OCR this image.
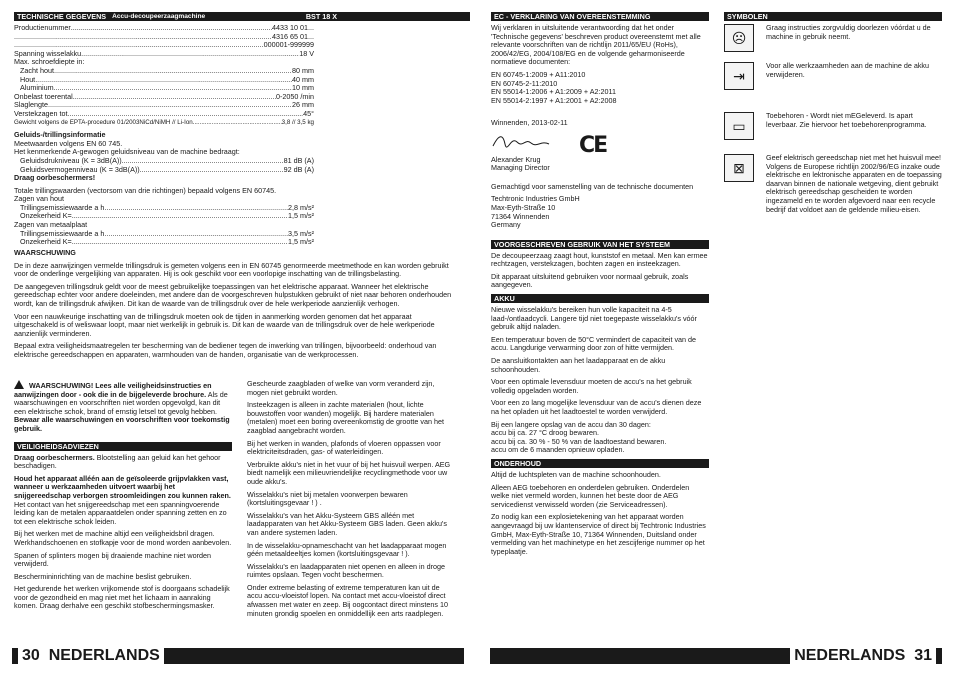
TECHNISCHE GEGEVENS Accu-decoupeerzaagmachine	BST 18 X
Productienummer .....	4433 10 01...
.....
4316 65 01...
.....
...000001-999999
Spanning wisselakku .....	18 V
Max. schroefdiepte in:
Zacht hout .....	80 mm
Hout .....	40 mm
Aluminium .....	10 mm
Onbelast toerental .....	0-2050 /min
Slaglengte .....	26 mm
Verstekzagen tot .....	45°
Gewicht volgens de EPTA-procedure 01/2003NiCd/NiMH // Li-Ion .....	3,8 // 3,5 kg
Geluids-/trillingsinformatie
Meetwaarden volgens EN 60 745.
Het kenmerkende A-gewogen geluidsniveau van de machine bedraagt:
Geluidsdrukniveau (K = 3dB(A)) .....	81 dB (A)
Geluidsvermogenniveau (K = 3dB(A)) .....	92 dB (A)
Draag oorbeschermers!
Totale trillingswaarden (vectorsom van drie richtingen) bepaald volgens EN 60745.
Zagen van hout
Trillingsemissiewaarde a h .....	2,8 m/s²
Onzekerheid K= .....	1,5 m/s²
Zagen van metaalplaat
Trillingsemissiewaarde a h .....	3,5 m/s²
Onzekerheid K= .....	1,5 m/s²
WAARSCHUWING

De in deze aanwijzingen vermelde trillingsdruk is gemeten volgens een in EN 60745 genormeerde meetmethode en kan worden gebruikt voor de onderlinge vergelijking van apparaten. Hij is ook geschikt voor een voorlopige inschatting van de trillingsbelasting.

De aangegeven trillingsdruk geldt voor de meest gebruikelijke toepassingen van het elektrische apparaat. Wanneer het elektrische gereedschap echter voor andere doeleinden, met andere dan de voorgeschreven hulpstukken gebruikt of niet naar behoren onderhouden wordt, kan de trillingsdruk afwijken. Dit kan de waarde van de trillingsdruk over de hele werkperiode aanzienlijk verhogen.

Voor een nauwkeurige inschatting van de trillingsdruk moeten ook de tijden in aanmerking worden genomen dat het apparaat uitgeschakeld is of weliswaar loopt, maar niet werkelijk in gebruik is. Dit kan de waarde van de trillingsdruk over de hele werkperiode aanzienlijk verminderen.

Bepaal extra veiligheidsmaatregelen ter bescherming van de bediener tegen de inwerking van trillingen, bijvoorbeeld: onderhoud van elektrische gereedschappen en apparaten, warmhouden van de handen, organisatie van de werkprocessen.

WAARSCHUWING! Lees alle veiligheidsinstructies en aanwijzingen door - ook die in de bijgeleverde brochure. Als de waarschuwingen en voorschriften niet worden opgevolgd, kan dit een elektrische schok, brand of ernstig letsel tot gevolg hebben.
Bewaar alle waarschuwingen en voorschriften voor toekomstig gebruik.

VEILIGHEIDSADVIEZEN

Draag oorbeschermers. Blootstelling aan geluid kan het gehoor beschadigen.

Houd het apparaat alléén aan de geïsoleerde grijpvlakken vast, wanneer u werkzaamheden uitvoert waarbij het snijgereedschap verborgen stroomleidingen zou kunnen raken. Het contact van het snijgereedschap met een spanningvoerende leiding kan de metalen apparaatdelen onder spanning zetten en zo tot een elektrische schok leiden.

Bij het werken met de machine altijd een veiligheidsbril dragen. Werkhandschoenen en stofkapje voor de mond worden aanbevolen.

Spanen of splinters mogen bij draaiende machine niet worden verwijderd.

Beschermininrichting van de machine beslist gebruiken.

Het gedurende het werken vrijkomende stof is doorgaans schadelijk
voor de gezondheid en mag niet met het lichaam in aanraking komen. Draag derhalve een geschikt stofbeschermingsmasker.

Gescheurde zaagbladen of welke van vorm veranderd zijn, mogen niet gebruikt worden.

Insteekzagen is alleen in zachte materialen (hout, lichte bouwstoffen voor wanden) mogelijk. Bij hardere materialen (metalen) moet een boring overeenkomstig de grootte van het zaagblad aangebracht worden.

Bij het werken in wanden, plafonds of vloeren oppassen voor elektriciteitsdraden, gas- of waterleidingen.

Verbruikte akku's niet in het vuur of bij het huisvuil werpen. AEG biedt namelijk een milieuvriendelijke recyclingmethode voor uw oude akku's.

Wisselakku's niet bij metalen voorwerpen bewaren (kortsluitingsgevaar ! ) .

Wisselakku's van het Akku-Systeem GBS alléén met laadapparaten van het Akku-Systeem GBS laden. Geen akku's van andere systemen laden.

In de wisselakku-opnameschacht van het laadapparaat mogen géén metaaldeeltjes komen (kortsluitingsgevaar ! ).

Wisselakku's en laadapparaten niet openen en alleen in droge ruimtes opslaan. Tegen vocht beschermen.

Onder extreme belasting of extreme temperaturen kan uit de accu accu-vloeistof lopen. Na contact met accu-vloeistof direct afwassen met water en zeep. Bij oogcontact direct minstens 10 minuten grondig spoelen en onmiddellijk een arts raadplegen.

30 NEDERLANDS
EC - VERKLARING VAN OVEREENSTEMMING

Wij verklaren in uitsluitende verantwoording dat het onder 'Technische gegevens' beschreven product overeenstemt met alle relevante voorschriften van de richtlijn 2011/65/EU (RoHs), 2006/42/EG, 2004/108/EG en de volgende geharmoniseerde normatieve documenten:

EN 60745-1:2009 + A11:2010
EN 60745-2-11:2010
EN 55014-1:2006 + A1:2009 + A2:2011
EN 55014-2:1997 + A1:2001 + A2:2008
Winnenden, 2013-02-11
Alexander Krug
Managing Director
CE

Gemachtigd voor samenstelling van de technische documenten

Techtronic Industries GmbH
Max-Eyth-Straße 10
71364 Winnenden
Germany
VOORGESCHREVEN GEBRUIK VAN HET SYSTEEM

De decoupeerzaag zaagt hout, kunststof en metaal. Men kan ermee rechtzagen, verstekzagen, bochten zagen en insteekzagen.

Dit apparaat uitsluitend gebruiken voor normaal gebruik, zoals aangegeven.

AKKU

Nieuwe wisselakku's bereiken hun volle kapaciteit na 4-5 laad-/ontlaadcycli. Langere tijd niet toegepaste wisselakku's vóór gebruik altijd naladen.

Een temperatuur boven de 50°C vermindert de capaciteit van de accu. Langdurige verwarming door zon of hitte vermijden.

De aansluitkontakten aan het laadapparaat en de akku schoonhouden.

Voor een optimale levensduur moeten de accu's na het gebruik volledig opgeladen worden.

Voor een zo lang mogelijke levensduur van de accu's dienen deze na het opladen uit het laadtoestel te worden verwijderd.

Bij een langere opslag van de accu dan 30 dagen:
accu bij ca. 27 °C droog bewaren.
accu bij ca. 30 % - 50 % van de laadtoestand bewaren.
accu om de 6 maanden opnieuw opladen.

ONDERHOUD

Altijd de luchtspleten van de machine schoonhouden.

Alleen AEG toebehoren en onderdelen gebruiken. Onderdelen welke niet vermeld worden, kunnen het beste door de AEG servicedienst verwisseld worden (zie Serviceadressen).

Zo nodig kan een explosietekening van het apparaat worden aangevraagd bij uw klantenservice of direct bij Techtronic Industries GmbH, Max-Eyth-Straße 10, 71364 Winnenden, Duitsland onder vermelding van het machinetype en het zescijferige nummer op het typeplaatje.

SYMBOLEN
☹
Graag instructies zorgvuldig doorlezen vóórdat u de machine in gebruik neemt.
⇥
Voor alle werkzaamheden aan de machine de akku verwijderen.
▭
Toebehoren - Wordt niet mEGeleverd. Is apart leverbaar. Zie hiervoor het toebehorenprogramma.
⊠
Geef elektrisch gereedschap niet met het huisvuil mee! Volgens de Europese richtlijn 2002/96/EG inzake oude elektrische en lektronische apparaten en de toepassing daarvan binnen de nationale wetgeving, dient gebruikt elektrisch gereedschap gescheiden te worden ingezameld en te worden afgevoerd naar een recycle bedrijf dat voldoet aan de geldende milieu-eisen.
NEDERLANDS 31
